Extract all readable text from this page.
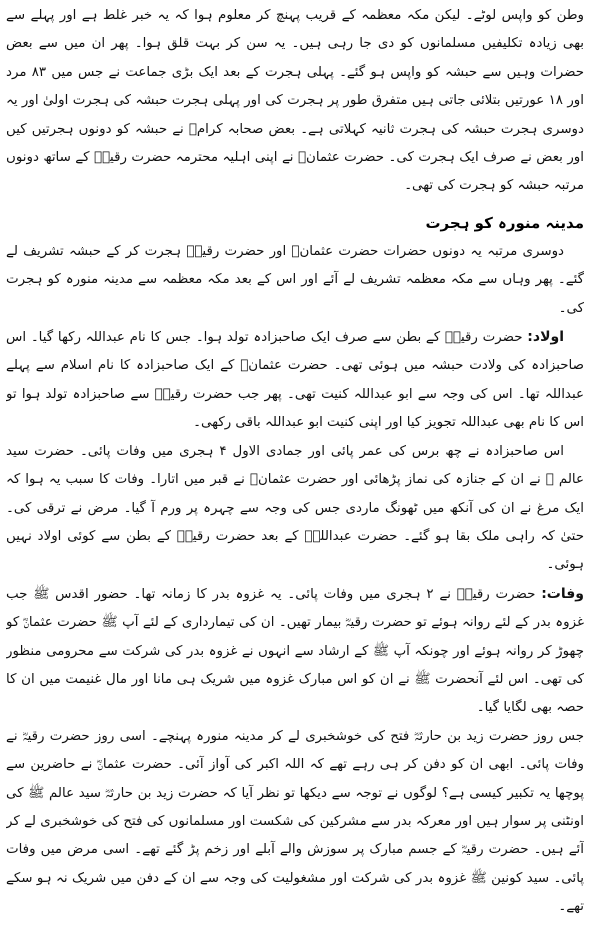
وطن کو واپس لوٹے۔ لیکن مکہ معظمہ کے قریب پہنچ کر معلوم ہوا کہ یہ خبر غلط ہے اور پہلے سے بھی زیادہ تکلیفیں مسلمانوں کو دی جا رہی ہیں۔ یہ سن کر بہت قلق ہوا۔ پھر ان میں سے بعض حضرات وہیں سے حبشہ کو واپس ہو گئے۔ پہلی ہجرت کے بعد ایک بڑی جماعت نے جس میں ۸۳ مرد اور ۱۸ عورتیں بتلائی جاتی ہیں متفرق طور پر ہجرت کی اور پہلی ہجرت حبشہ کی ہجرت اولیٰ اور یہ دوسری ہجرت حبشہ کی ہجرت ثانیہ کہلاتی ہے۔ بعض صحابہ کرامؓ نے حبشہ کو دونوں ہجرتیں کیں اور بعض نے صرف ایک ہجرت کی۔ حضرت عثمانؓ نے اپنی اہلیہ محترمہ حضرت رقیہؓ کے ساتھ دونوں مرتبہ حبشہ کو ہجرت کی تھی۔

مدینہ منورہ کو ہجرت

دوسری مرتبہ یہ دونوں حضرات حضرت عثمانؓ اور حضرت رقیہؓ ہجرت کر کے حبشہ تشریف لے گئے۔ پھر وہاں سے مکہ معظمہ تشریف لے آئے اور اس کے بعد مکہ معظمہ سے مدینہ منورہ کو ہجرت کی۔

اولاد: حضرت رقیہؓ کے بطن سے صرف ایک صاحبزادہ تولد ہوا۔ جس کا نام عبداللہ رکھا گیا۔ اس صاحبزادہ کی ولادت حبشہ میں ہوئی تھی۔ حضرت عثمانؓ کے ایک صاحبزادہ کا نام اسلام سے پہلے عبداللہ تھا۔ اس کی وجہ سے ابو عبداللہ کنیت تھی۔ پھر جب حضرت رقیہؓ سے صاحبزادہ تولد ہوا تو اس کا نام بھی عبداللہ تجویز کیا اور اپنی کنیت ابو عبداللہ باقی رکھی۔

اس صاحبزادہ نے چھ برس کی عمر پائی اور جمادی الاول ۴ ہجری میں وفات پائی۔ حضرت سید عالم ﷺ نے ان کے جنازہ کی نماز پڑھائی اور حضرت عثمانؓ نے قبر میں اتارا۔ وفات کا سبب یہ ہوا کہ ایک مرغ نے ان کی آنکھ میں ٹھونگ ماردی جس کی وجہ سے چہرہ پر ورم آ گیا۔ مرض نے ترقی کی۔ حتیٰ کہ راہی ملک بقا ہو گئے۔ حضرت عبداللہؓ کے بعد حضرت رقیہؓ کے بطن سے کوئی اولاد نہیں ہوئی۔

وفات: حضرت رقیہؓ نے ۲ ہجری میں وفات پائی۔ یہ غزوہ بدر کا زمانہ تھا۔ حضور اقدس ﷺ جب غزوہ بدر کے لئے روانہ ہوئے تو حضرت رقیہؓ بیمار تھیں۔ ان کی تیمارداری کے لئے آپ ﷺ حضرت عثمانؓ کو چھوڑ کر روانہ ہوئے اور چونکہ آپ ﷺ کے ارشاد سے انہوں نے غزوہ بدر کی شرکت سے محرومی منظور کی تھی۔ اس لئے آنحضرت ﷺ نے ان کو اس مبارک غزوہ میں شریک ہی مانا اور مال غنیمت میں ان کا حصہ بھی لگایا گیا۔

جس روز حضرت زید بن حارثہؓ فتح کی خوشخبری لے کر مدینہ منورہ پہنچے۔ اسی روز حضرت رقیہؓ نے وفات پائی۔ ابھی ان کو دفن کر ہی رہے تھے کہ اللہ اکبر کی آواز آئی۔ حضرت عثمانؓ نے حاضرین سے پوچھا یہ تکبیر کیسی ہے؟ لوگوں نے توجہ سے دیکھا تو نظر آیا کہ حضرت زید بن حارثہؓ سید عالم ﷺ کی اونٹنی پر سوار ہیں اور معرکہ بدر سے مشرکین کی شکست اور مسلمانوں کی فتح کی خوشخبری لے کر آئے ہیں۔ حضرت رقیہؓ کے جسم مبارک پر سوزش والے آبلے اور زخم پڑ گئے تھے۔ اسی مرض میں وفات پائی۔ سید کونین ﷺ غزوہ بدر کی شرکت اور مشغولیت کی وجہ سے ان کے دفن میں شریک نہ ہو سکے تھے۔
